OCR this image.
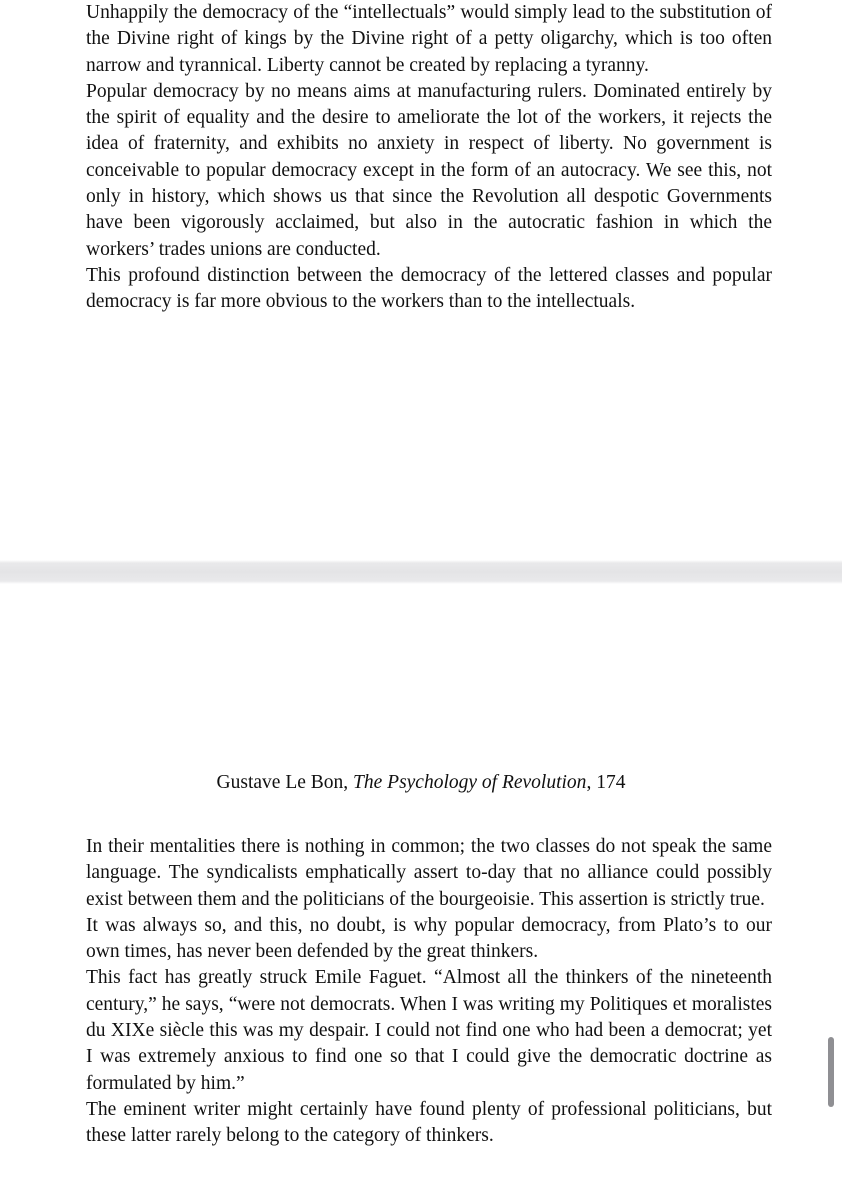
Unhappily the democracy of the “intellectuals” would simply lead to the substitution of the Divine right of kings by the Divine right of a petty oligarchy, which is too often narrow and tyrannical. Liberty cannot be created by replacing a tyranny.

Popular democracy by no means aims at manufacturing rulers. Dominated entirely by the spirit of equality and the desire to ameliorate the lot of the workers, it rejects the idea of fraternity, and exhibits no anxiety in respect of liberty. No government is conceivable to popular democracy except in the form of an autocracy. We see this, not only in history, which shows us that since the Revolution all despotic Governments have been vigorously acclaimed, but also in the autocratic fashion in which the workers’ trades unions are conducted.

This profound distinction between the democracy of the lettered classes and popular democracy is far more obvious to the workers than to the intellectuals.

Gustave Le Bon, The Psychology of Revolution, 174

In their mentalities there is nothing in common; the two classes do not speak the same language. The syndicalists emphatically assert to-day that no alliance could possibly exist between them and the politicians of the bourgeoisie. This assertion is strictly true.

It was always so, and this, no doubt, is why popular democracy, from Plato’s to our own times, has never been defended by the great thinkers.

This fact has greatly struck Emile Faguet. “Almost all the thinkers of the nineteenth century,” he says, “were not democrats. When I was writing my Politiques et moralistes du XIXe siècle this was my despair. I could not find one who had been a democrat; yet I was extremely anxious to find one so that I could give the democratic doctrine as formulated by him.”

The eminent writer might certainly have found plenty of professional politicians, but these latter rarely belong to the category of thinkers.
